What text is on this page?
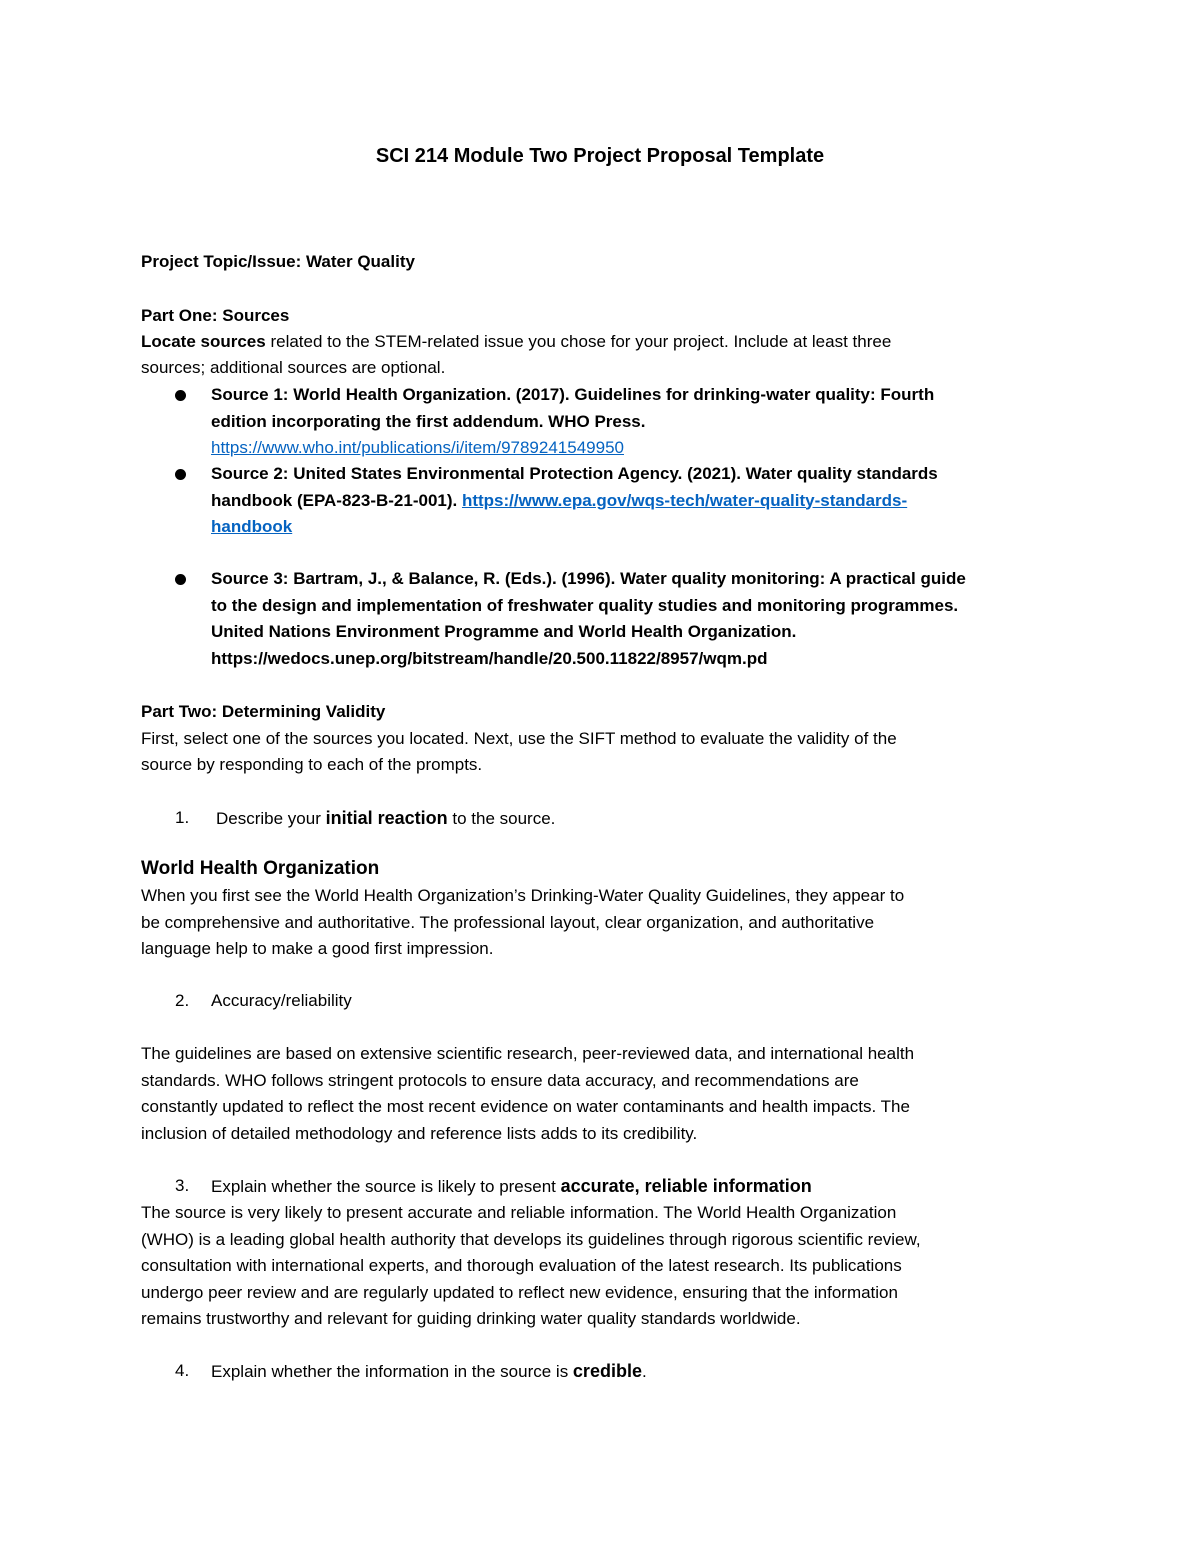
SCI 214 Module Two Project Proposal Template
Project Topic/Issue: Water Quality
Part One: Sources
Locate sources related to the STEM-related issue you chose for your project. Include at least three
sources; additional sources are optional.
Source 1: World Health Organization. (2017). Guidelines for drinking-water quality: Fourth
edition incorporating the first addendum. WHO Press.
https://www.who.int/publications/i/item/9789241549950
Source 2: United States Environmental Protection Agency. (2021). Water quality standards
handbook (EPA-823-B-21-001). https://www.epa.gov/wqs-tech/water-quality-standards-
handbook
Source 3: Bartram, J., & Balance, R. (Eds.). (1996). Water quality monitoring: A practical guide
to the design and implementation of freshwater quality studies and monitoring programmes.
United Nations Environment Programme and World Health Organization.
https://wedocs.unep.org/bitstream/handle/20.500.11822/8957/wqm.pd
Part Two: Determining Validity
First, select one of the sources you located. Next, use the SIFT method to evaluate the validity of the
source by responding to each of the prompts.
1. Describe your initial reaction to the source.
World Health Organization
When you first see the World Health Organization’s Drinking-Water Quality Guidelines, they appear to
be comprehensive and authoritative. The professional layout, clear organization, and authoritative
language help to make a good first impression.
2. Accuracy/reliability
The guidelines are based on extensive scientific research, peer-reviewed data, and international health
standards. WHO follows stringent protocols to ensure data accuracy, and recommendations are
constantly updated to reflect the most recent evidence on water contaminants and health impacts. The
inclusion of detailed methodology and reference lists adds to its credibility.
3. Explain whether the source is likely to present accurate, reliable information
The source is very likely to present accurate and reliable information. The World Health Organization
(WHO) is a leading global health authority that develops its guidelines through rigorous scientific review,
consultation with international experts, and thorough evaluation of the latest research. Its publications
undergo peer review and are regularly updated to reflect new evidence, ensuring that the information
remains trustworthy and relevant for guiding drinking water quality standards worldwide.
4. Explain whether the information in the source is credible.
